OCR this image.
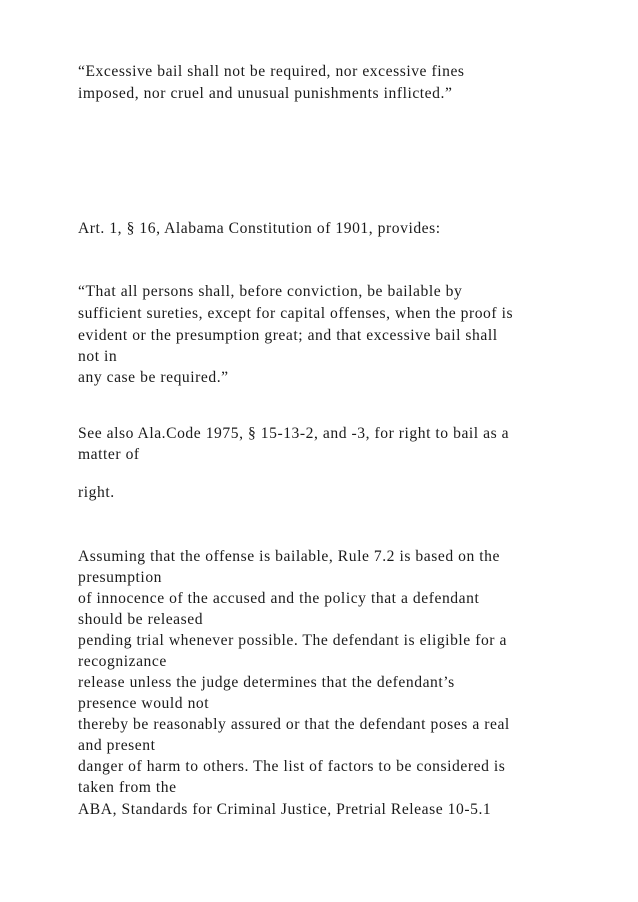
“Excessive bail shall not be required, nor excessive fines
imposed, nor cruel and unusual punishments inflicted.”
Art. 1, § 16, Alabama Constitution of 1901, provides:
“That all persons shall, before conviction, be bailable by
sufficient sureties, except for capital offenses, when the proof is
evident or the presumption great; and that excessive bail shall
not in
any case be required.”
See also Ala.Code 1975, § 15-13-2, and -3, for right to bail as a
matter of
right.
Assuming that the offense is bailable, Rule 7.2 is based on the
presumption
of innocence of the accused and the policy that a defendant
should be released
pending trial whenever possible. The defendant is eligible for a
recognizance
release unless the judge determines that the defendant’s
presence would not
thereby be reasonably assured or that the defendant poses a real
and present
danger of harm to others. The list of factors to be considered is
taken from the
ABA, Standards for Criminal Justice, Pretrial Release 10-5.1
